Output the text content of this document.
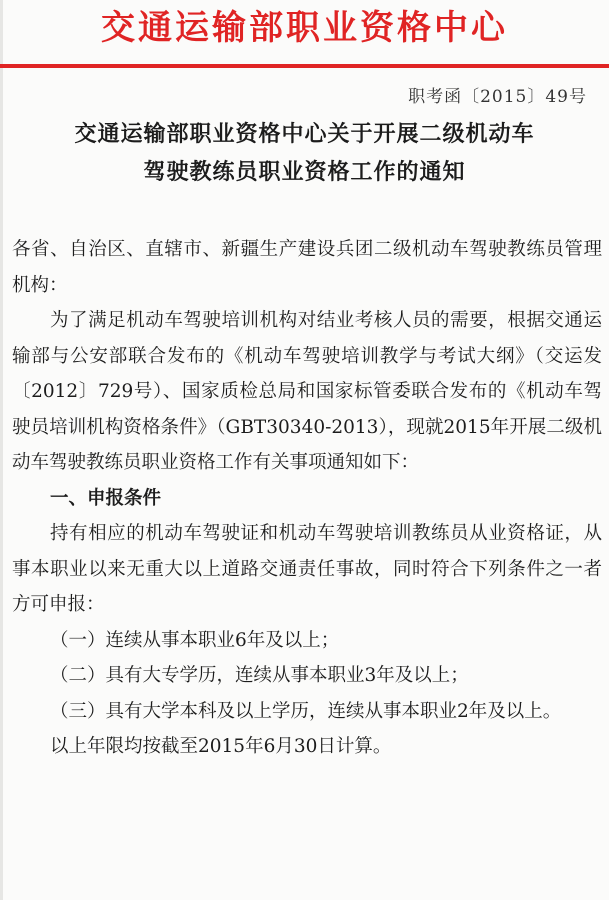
交通运输部职业资格中心
职考函〔2015〕49号
交通运输部职业资格中心关于开展二级机动车
驾驶教练员职业资格工作的通知

各省、自治区、直辖市、新疆生产建设兵团二级机动车驾驶教练员管理机构：

为了满足机动车驾驶培训机构对结业考核人员的需要，根据交通运输部与公安部联合发布的《机动车驾驶培训教学与考试大纲》（交运发〔2012〕729号）、国家质检总局和国家标管委联合发布的《机动车驾驶员培训机构资格条件》（GBT30340-2013），现就2015年开展二级机动车驾驶教练员职业资格工作有关事项通知如下：

一、申报条件

持有相应的机动车驾驶证和机动车驾驶培训教练员从业资格证，从事本职业以来无重大以上道路交通责任事故，同时符合下列条件之一者方可申报：

（一）连续从事本职业6年及以上；

（二）具有大专学历，连续从事本职业3年及以上；

（三）具有大学本科及以上学历，连续从事本职业2年及以上。

以上年限均按截至2015年6月30日计算。
